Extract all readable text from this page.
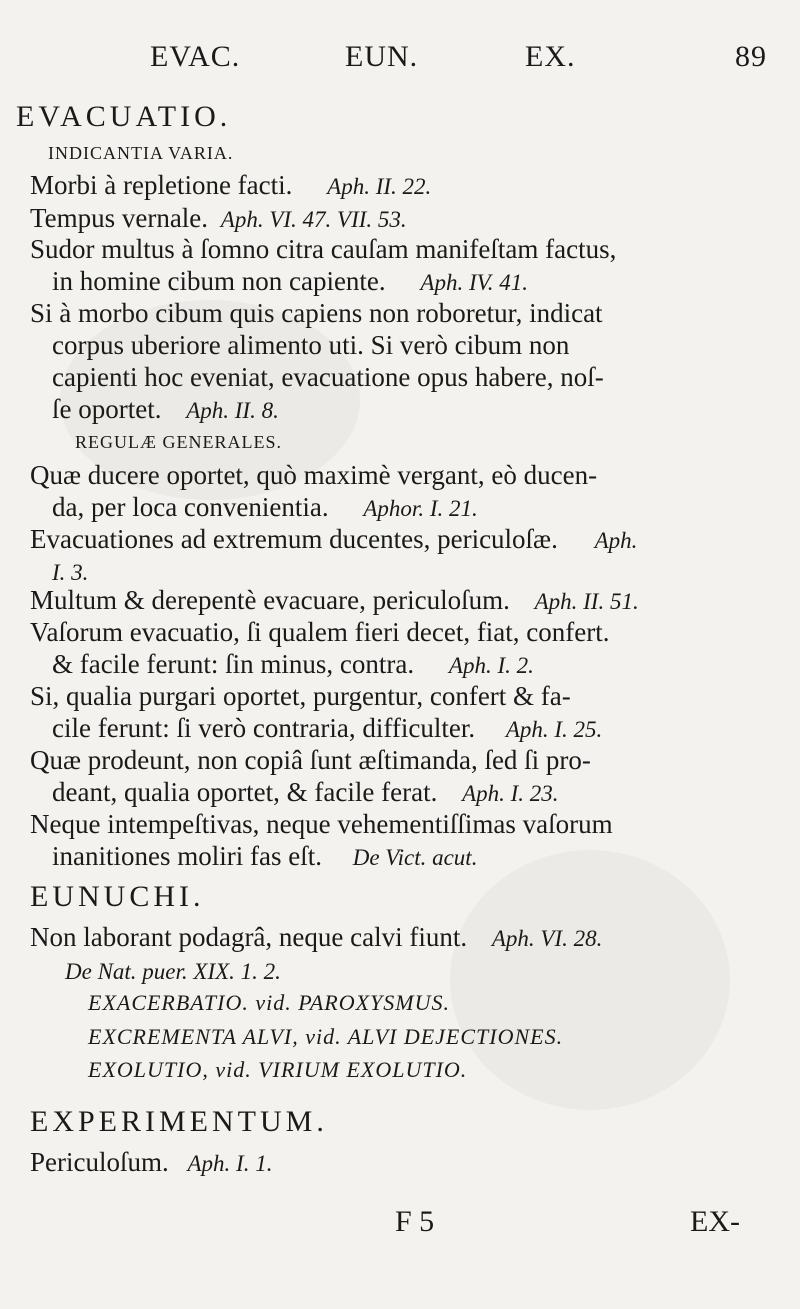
EVAC.	EUN.	EX.	89
EVACUATIO.
INDICANTIA VARIA.
Morbi à repletione facti. Aph. II. 22.
Tempus vernale. Aph. VI. 47. VII. 53.
Sudor multus à ſomno citra cauſam manifeſtam factus,
in homine cibum non capiente. Aph. IV. 41.
Si à morbo cibum quis capiens non roboretur, indicat
corpus uberiore alimento uti. Si verò cibum non
capienti hoc eveniat, evacuatione opus habere, noſ-
ſe oportet. Aph. II. 8.
REGULÆ GENERALES.
Quæ ducere oportet, quò maximè vergant, eò ducen-
da, per loca convenientia. Aphor. I. 21.
Evacuationes ad extremum ducentes, periculoſæ. Aph.
I. 3.
Multum & derepentè evacuare, periculoſum. Aph. II. 51.
Vaſorum evacuatio, ſi qualem fieri decet, fiat, confert.
& facile ferunt: ſin minus, contra. Aph. I. 2.
Si, qualia purgari oportet, purgentur, confert & fa-
cile ferunt: ſi verò contraria, difficulter. Aph. I. 25.
Quæ prodeunt, non copiâ ſunt æſtimanda, ſed ſi pro-
deant, qualia oportet, & facile ferat. Aph. I. 23.
Neque intempeſtivas, neque vehementiſſimas vaſorum
inanitiones moliri fas eſt. De Vict. acut.
EUNUCHI.
Non laborant podagrâ, neque calvi fiunt. Aph. VI. 28.
De Nat. puer. XIX. 1. 2.
EXACERBATIO. vid. PAROXYSMUS.
EXCREMENTA ALVI, vid. ALVI DEJECTIONES.
EXOLUTIO, vid. VIRIUM EXOLUTIO.
EXPERIMENTUM.
Periculoſum. Aph. I. 1.
F 5	EX-
